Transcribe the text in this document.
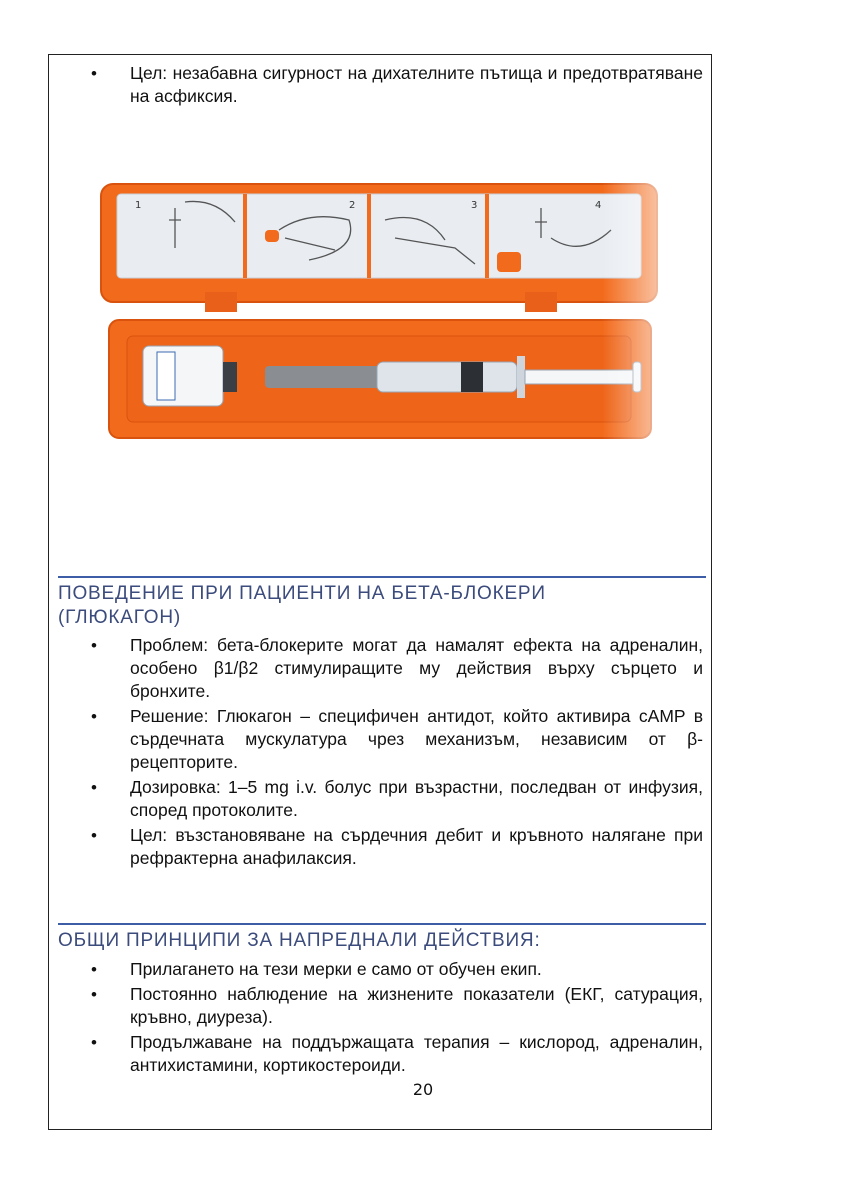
• Цел: незабавна сигурност на дихателните пътища и предотвратяване на асфиксия.
ПОВЕДЕНИЕ ПРИ ПАЦИЕНТИ НА БЕТА-БЛОКЕРИ
(ГЛЮКАГОН)
• Проблем: бета-блокерите могат да намалят ефекта на адреналин, особено β1/β2 стимулиращите му действия върху сърцето и бронхите.
• Решение: Глюкагон – специфичен антидот, който активира cAMP в сърдечната мускулатура чрез механизъм, независим от β-рецепторите.
• Дозировка: 1–5 mg i.v. болус при възрастни, последван от инфузия, според протоколите.
• Цел: възстановяване на сърдечния дебит и кръвното налягане при рефрактерна анафилаксия.
ОБЩИ ПРИНЦИПИ ЗА НАПРЕДНАЛИ ДЕЙСТВИЯ:
• Прилагането на тези мерки е само от обучен екип.
• Постоянно наблюдение на жизнените показатели (ЕКГ, сатурация, кръвно, диуреза).
• Продължаване на поддържащата терапия – кислород, адреналин, антихистамини, кортикостероиди.
20
